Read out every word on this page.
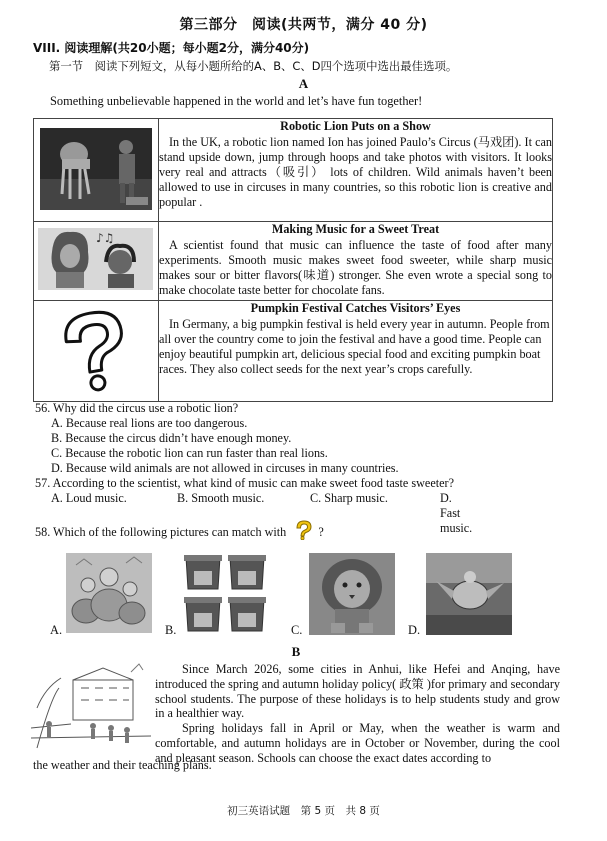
第三部分　阅读(共两节，满分 40 分)
VIII. 阅读理解(共20小题；每小题2分，满分40分)
第一节　阅读下列短文，从每小题所给的A、B、C、D四个选项中选出最佳选项。
A
Something unbelievable happened in the world and let’s have fun together!

Robotic Lion Puts on a Show
In the UK, a robotic lion named Ion has joined Paulo’s Circus (马戏团). It can stand upside down, jump through hoops and take photos with visitors. It looks very real and attracts（吸引） lots of children. Wild animals haven’t been allowed to use in circuses in many countries, so this robotic lion is creative and popular .

♪♫	Making Music for a Sweet Treat
A scientist found that music can influence the taste of food after many experiments. Smooth music makes sweet food sweeter, while sharp music makes sour or bitter flavors(味道) stronger. She even wrote a special song to make chocolate taste better for chocolate fans.

Pumpkin Festival Catches Visitors’ Eyes
In Germany, a big pumpkin festival is held every year in autumn. People from all over the country come to join the festival and have a good time. People can enjoy beautiful pumpkin art, delicious special food and exciting pumpkin boat races. They also collect seeds for the next year’s crops carefully.
56. Why did the circus use a robotic lion?
A. Because real lions are too dangerous.
B. Because the circus didn’t have enough money.
C. Because the robotic lion can run faster than real lions.
D. Because wild animals are not allowed in circuses in many countries.
57. According to the scientist, what kind of music can make sweet food taste sweeter?
A. Loud music.	B. Smooth music.	C. Sharp music.	D. Fast music.
58. Which of the following pictures can match with	?
A.	B.	C.	D.
B
Since March 2026, some cities in Anhui, like Hefei and Anqing, have introduced the spring and autumn holiday policy( 政策 )for primary and secondary school students. The purpose of these holidays is to help students study and grow in a healthier way.
Spring holidays fall in April or May, when the weather is warm and comfortable, and autumn holidays are in October or November, during the cool and pleasant season. Schools can choose the exact dates according to
the weather and their teaching plans.
初三英语试题　第 5 页　共 8 页
